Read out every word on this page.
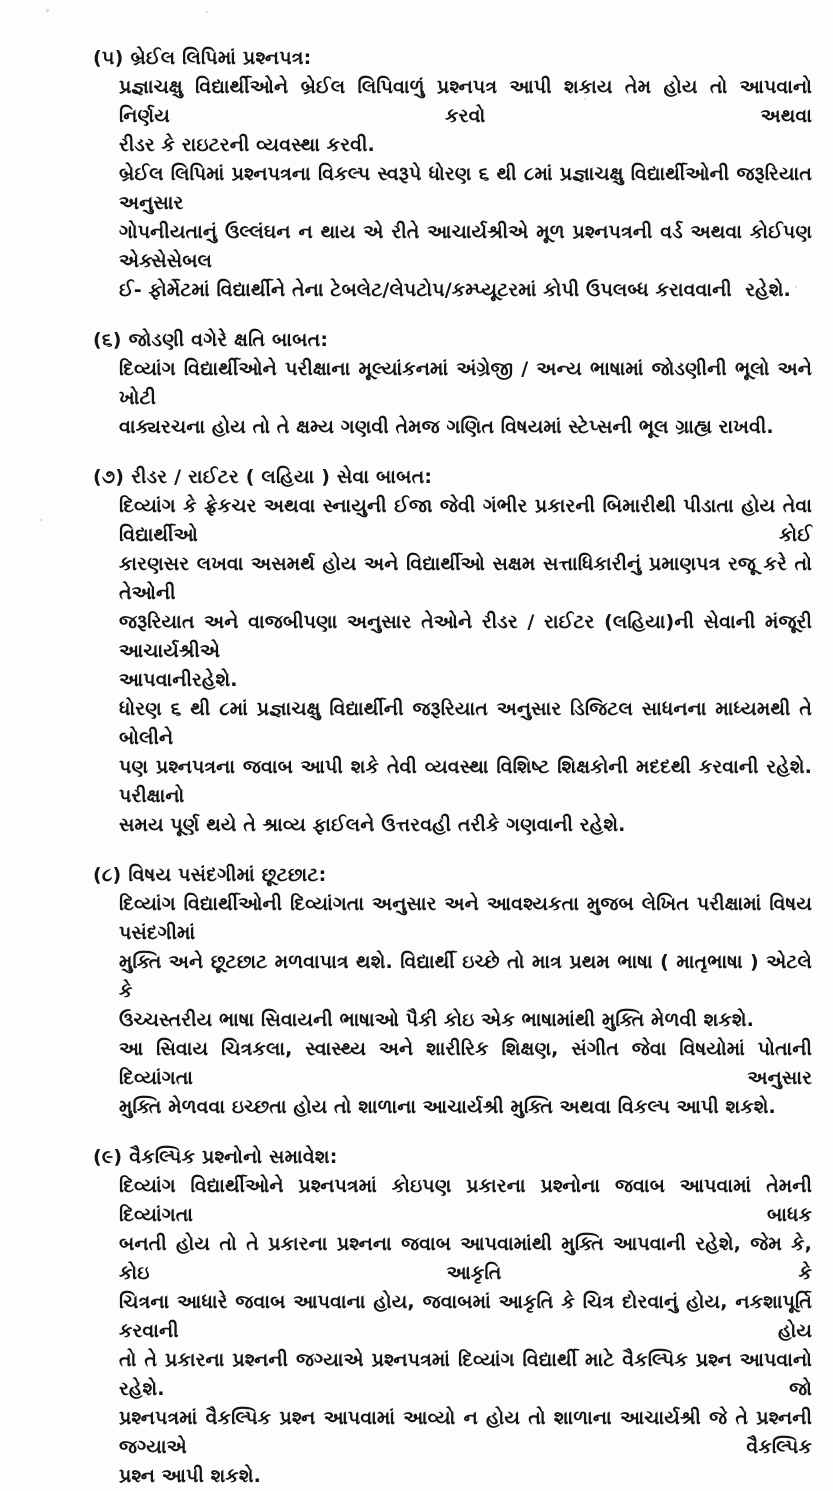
(૫) બ્રેઈલ લિપિમાં પ્રશ્નપત્ર:
પ્રજ્ઞાચક્ષુ વિદ્યાર્થીઓને બ્રેઈલ લિપિવાળું પ્રશ્નપત્ર આપી શકાય તેમ હોય તો આપવાનો નિર્ણય કરવો અથવા
રીડર કે રાઇટરની વ્યવસ્થા કરવી.
બ્રેઈલ લિપિમાં પ્રશ્નપત્રના વિકલ્પ સ્વરૂપે ધોરણ ૬ થી ૮માં પ્રજ્ઞાચક્ષુ વિદ્યાર્થીઓની જરૂરિયાત અનુસાર
ગોપનીયતાનું ઉલ્લંઘન ન થાય એ રીતે આચાર્યશ્રીએ મૂળ પ્રશ્નપત્રની વર્ડ અથવા કોઈપણ એક્સેસેબલ
ઈ- ફોર્મેટમાં વિદ્યાર્થીને તેના ટેબલેટ/લેપટોપ/કમ્પ્યૂટરમાં કોપી ઉપલબ્ધ કરાવવાની  રહેશે.
(૬) જોડણી વગેરે ક્ષતિ બાબત:
દિવ્યાંગ વિદ્યાર્થીઓને પરીક્ષાના મૂલ્યાંકનમાં અંગ્રેજી / અન્ય ભાષામાં જોડણીની ભૂલો અને ખોટી
વાક્યરચના હોય તો તે ક્ષમ્ય ગણવી તેમજ ગણિત વિષયમાં સ્ટેપ્સની ભૂલ ગ્રાહ્ય રાખવી.
(૭) રીડર / રાઈટર ( લહિયા ) સેવા બાબત:
દિવ્યાંગ કે ફ્રેકચર અથવા સ્નાયુની ઈજા જેવી ગંભીર પ્રકારની બિમારીથી પીડાતા હોય તેવા વિદ્યાર્થીઓ કોઈ
કારણસર લખવા અસમર્થ હોય અને વિદ્યાર્થીઓ સક્ષમ સત્તાધિકારીનું પ્રમાણપત્ર રજૂ કરે તો તેઓની
જરૂરિયાત અને વાજબીપણા અનુસાર તેઓને રીડર / રાઈટર (લહિયા)ની સેવાની મંજૂરી આચાર્યશ્રીએ
આપવાનીરહેશે.
ધોરણ ૬ થી ૮માં પ્રજ્ઞાચક્ષુ વિદ્યાર્થીની જરૂરિયાત અનુસાર ડિજિટલ સાધનના માધ્યમથી તે બોલીને
પણ પ્રશ્નપત્રના જવાબ આપી શકે તેવી વ્યવસ્થા વિશિષ્ટ શિક્ષકોની મદદથી કરવાની રહેશે. પરીક્ષાનો
સમય પૂર્ણ થયે તે શ્રાવ્ય ફાઈલને ઉત્તરવહી તરીકે ગણવાની રહેશે.
(૮) વિષય પસંદગીમાં છૂટછાટ:
દિવ્યાંગ વિદ્યાર્થીઓની દિવ્યાંગતા અનુસાર અને આવશ્યકતા મુજબ લેખિત પરીક્ષામાં વિષય પસંદગીમાં
મુક્તિ અને છૂટછાટ મળવાપાત્ર થશે. વિદ્યાર્થી ઇચ્છે તો માત્ર પ્રથમ ભાષા ( માતૃભાષા ) એટલે કે
ઉચ્ચસ્તરીય ભાષા સિવાયની ભાષાઓ પૈકી કોઇ એક ભાષામાંથી મુક્તિ મેળવી શકશે.
આ સિવાય ચિત્રકલા, સ્વાસ્થ્ય અને શારીરિક શિક્ષણ, સંગીત જેવા વિષયોમાં પોતાની દિવ્યાંગતા અનુસાર
મુક્તિ મેળવવા ઇચ્છતા હોય તો શાળાના આચાર્યશ્રી મુક્તિ અથવા વિકલ્પ આપી શકશે.
(૯) વૈકલ્પિક પ્રશ્નોનો સમાવેશ:
દિવ્યાંગ વિદ્યાર્થીઓને પ્રશ્નપત્રમાં કોઇપણ પ્રકારના પ્રશ્નોના જવાબ આપવામાં તેમની દિવ્યાંગતા બાધક
બનતી હોય તો તે પ્રકારના પ્રશ્નના જવાબ આપવામાંથી મુક્તિ આપવાની રહેશે, જેમ કે, કોઇ આકૃતિ કે
ચિત્રના આધારે જવાબ આપવાના હોય, જવાબમાં આકૃતિ કે ચિત્ર દોરવાનું હોય, નકશાપૂર્તિ કરવાની હોય
તો તે પ્રકારના પ્રશ્નની જગ્યાએ પ્રશ્નપત્રમાં દિવ્યાંગ વિદ્યાર્થી માટે વૈકલ્પિક પ્રશ્ન આપવાનો રહેશે. જો
પ્રશ્નપત્રમાં વૈકલ્પિક પ્રશ્ન આપવામાં આવ્યો ન હોય તો શાળાના આચાર્યશ્રી જે તે પ્રશ્નની જગ્યાએ વૈકલ્પિક
પ્રશ્ન આપી શકશે.
